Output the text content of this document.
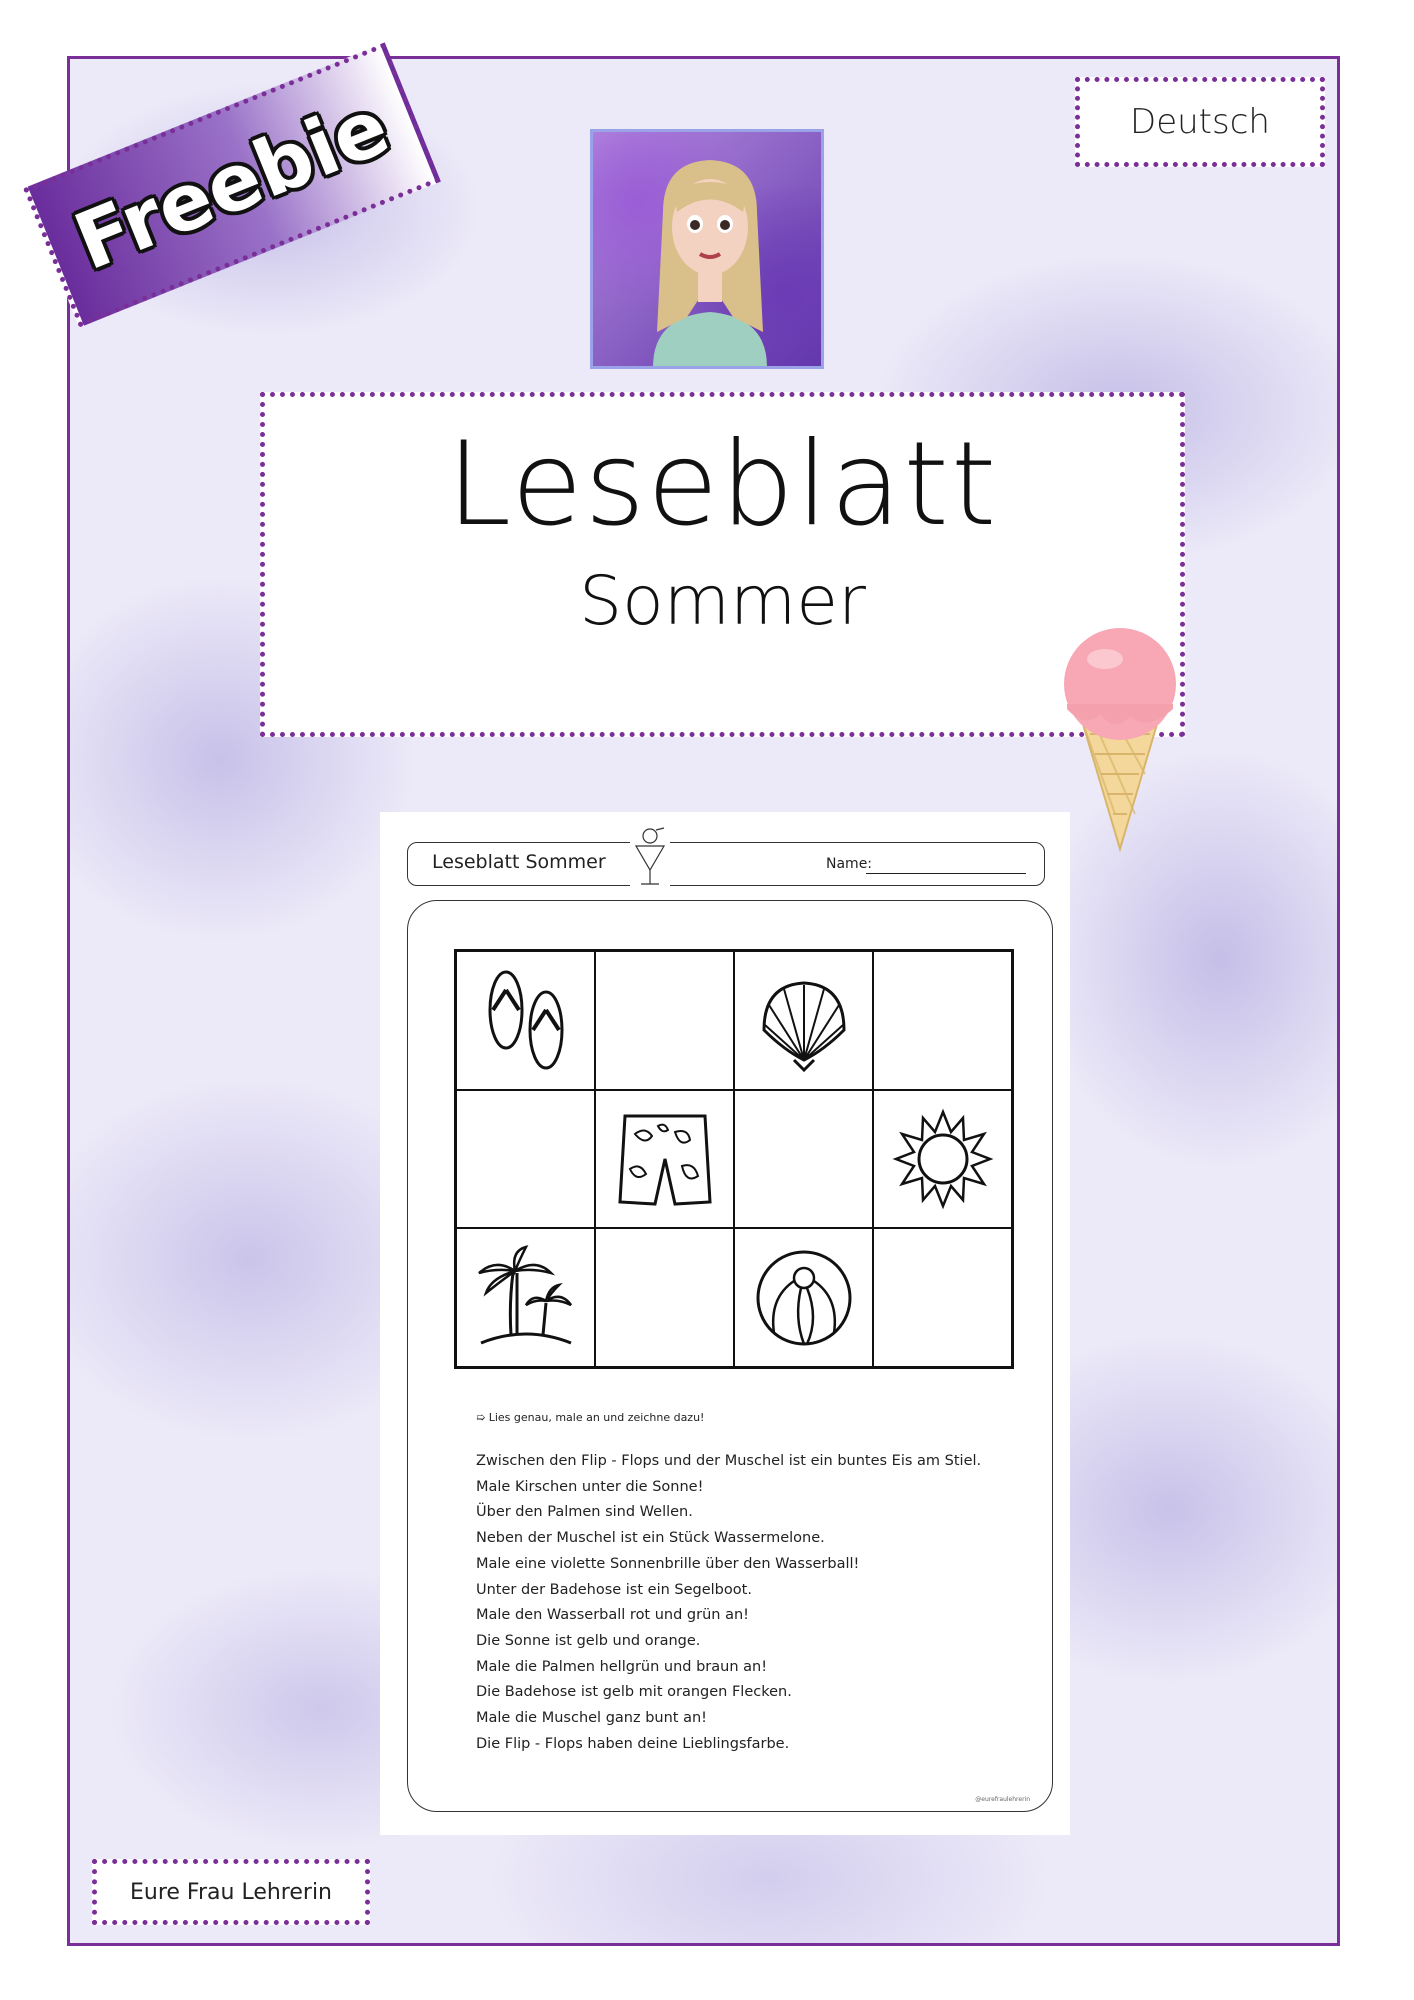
Deutsch
Leseblatt
Sommer
Leseblatt Sommer	Name:
➯ Lies genau, male an und zeichne dazu!
Zwischen den Flip - Flops und der Muschel ist ein buntes Eis am Stiel.
Male Kirschen unter die Sonne!
Über den Palmen sind Wellen.
Neben der Muschel ist ein Stück Wassermelone.
Male eine violette Sonnenbrille über den Wasserball!
Unter der Badehose ist ein Segelboot.
Male den Wasserball rot und grün an!
Die Sonne ist gelb und orange.
Male die Palmen hellgrün und braun an!
Die Badehose ist gelb mit orangen Flecken.
Male die Muschel ganz bunt an!
Die Flip - Flops haben deine Lieblingsfarbe.
@eurefraulehrerin
Eure Frau Lehrerin
Freebie
